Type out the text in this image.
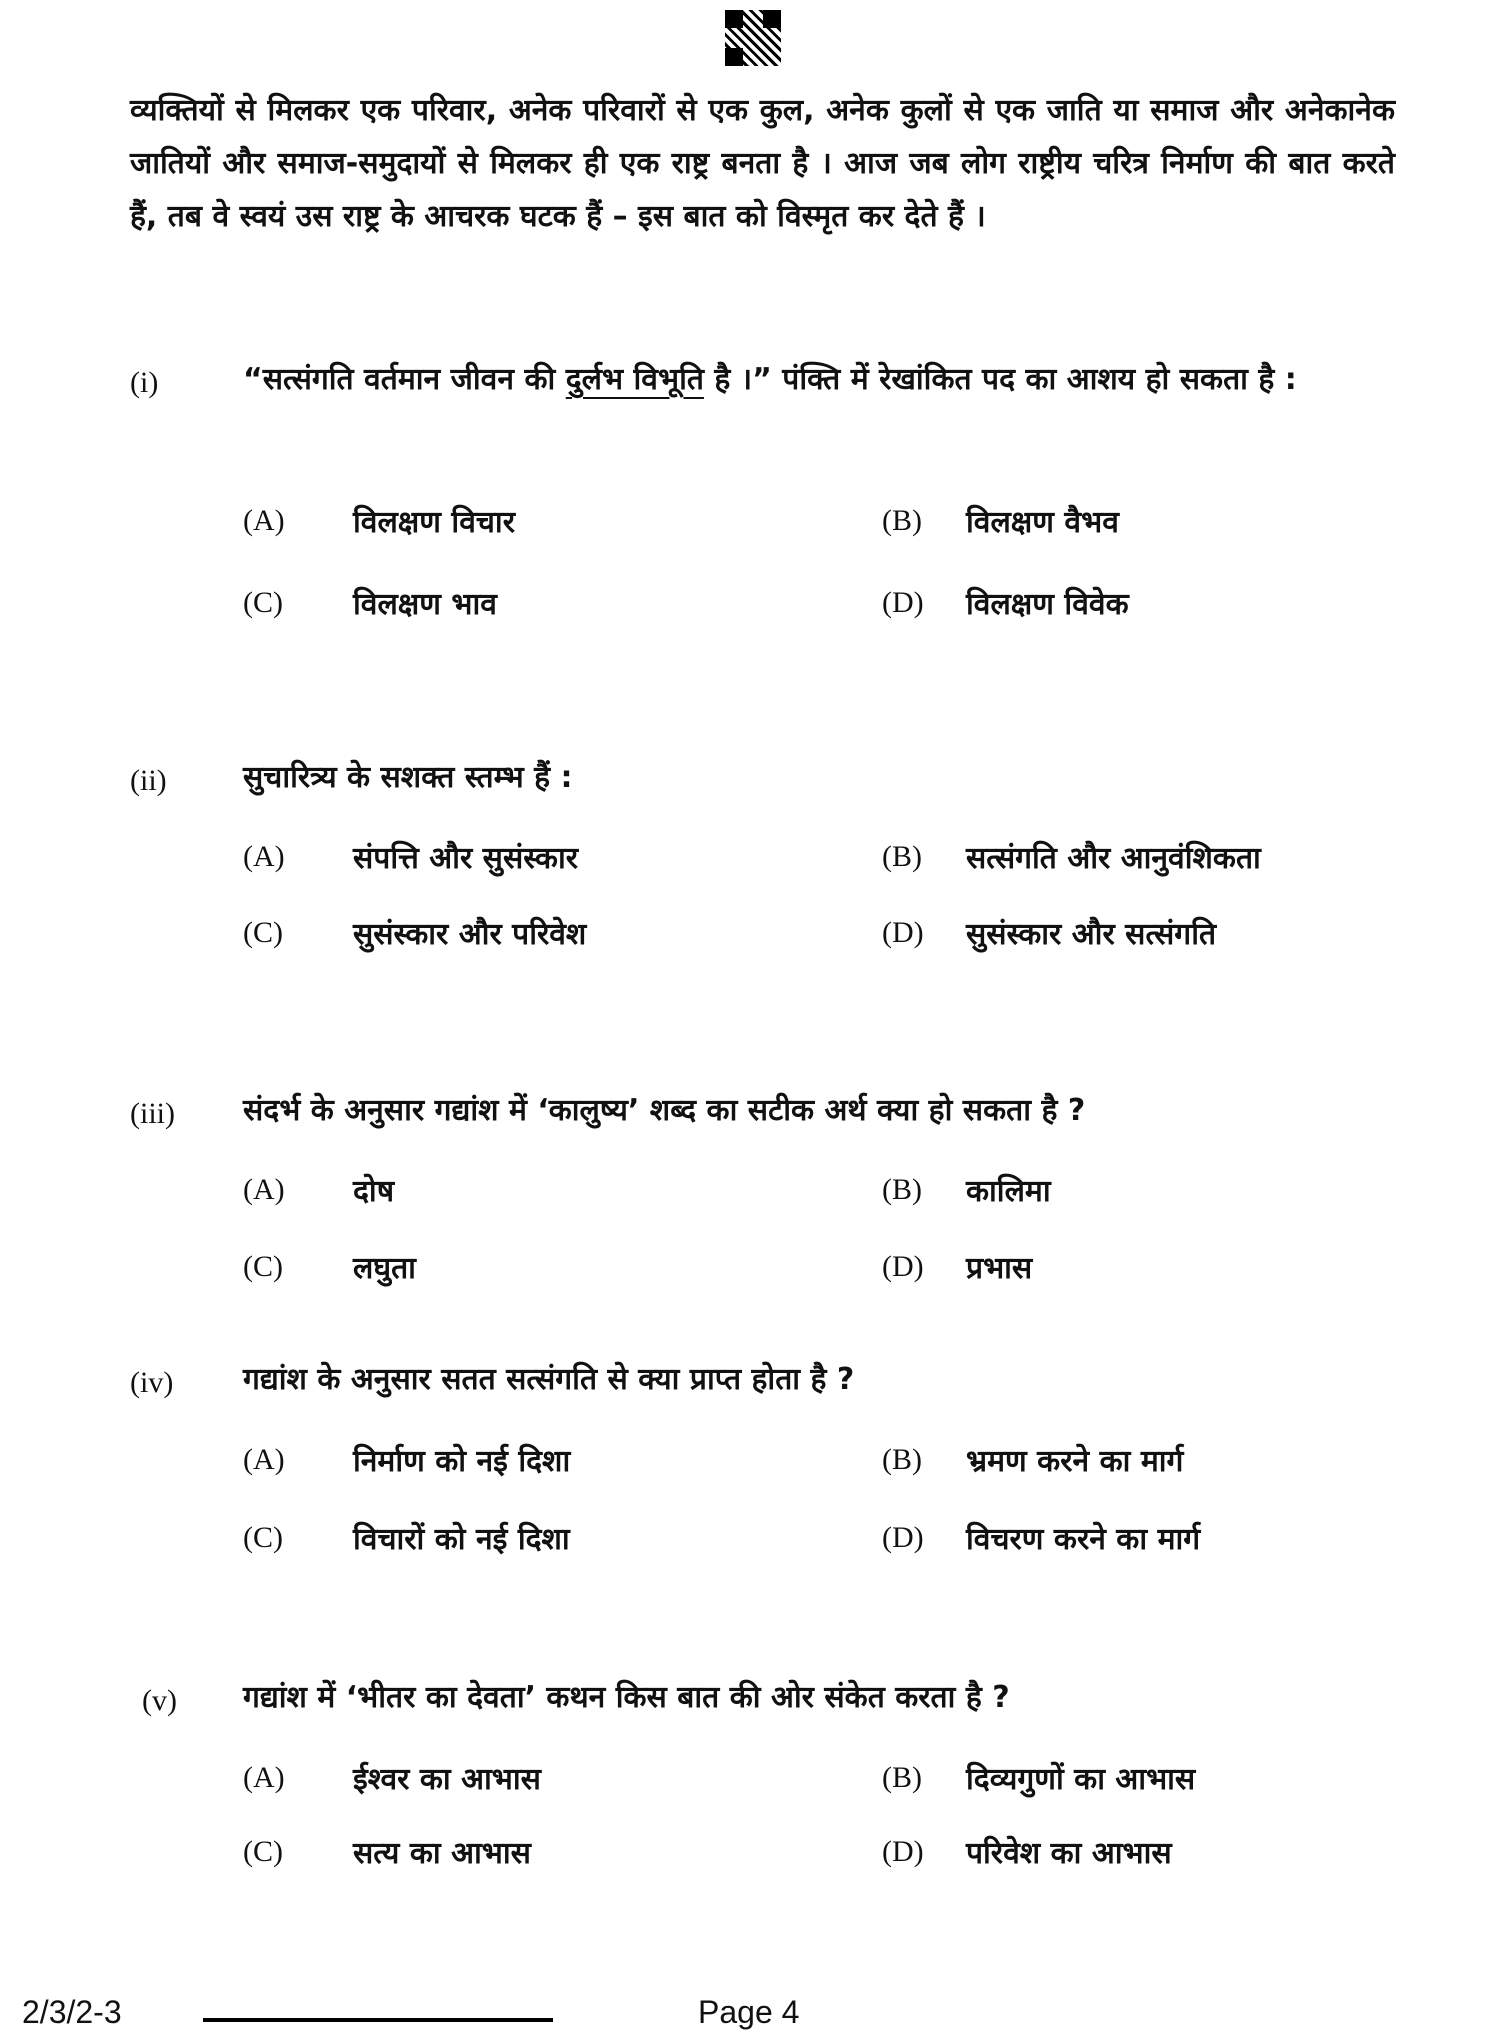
व्यक्तियों से मिलकर एक परिवार, अनेक परिवारों से एक कुल, अनेक कुलों से एक जाति या समाज और अनेकानेक जातियों और समाज-समुदायों से मिलकर ही एक राष्ट्र बनता है । आज जब लोग राष्ट्रीय चरित्र निर्माण की बात करते हैं, तब वे स्वयं उस राष्ट्र के आचरक घटक हैं – इस बात को विस्मृत कर देते हैं ।
(i)	“सत्संगति वर्तमान जीवन की दुर्लभ विभूति है ।” पंक्ति में रेखांकित पद का आशय हो सकता है :
(A) विलक्षण विचार	(B) विलक्षण वैभव
(C) विलक्षण भाव	(D) विलक्षण विवेक
(ii)	सुचारित्र्य के सशक्त स्तम्भ हैं :
(A) संपत्ति और सुसंस्कार	(B) सत्संगति और आनुवंशिकता
(C) सुसंस्कार और परिवेश	(D) सुसंस्कार और सत्संगति
(iii) संदर्भ के अनुसार गद्यांश में ‘कालुष्य’ शब्द का सटीक अर्थ क्या हो सकता है ?
(A) दोष	(B) कालिमा
(C) लघुता	(D) प्रभास
(iv) गद्यांश के अनुसार सतत सत्संगति से क्या प्राप्त होता है ?
(A) निर्माण को नई दिशा	(B) भ्रमण करने का मार्ग
(C) विचारों को नई दिशा	(D) विचरण करने का मार्ग
(v) गद्यांश में ‘भीतर का देवता’ कथन किस बात की ओर संकेत करता है ?
(A) ईश्वर का आभास	(B) दिव्यगुणों का आभास
(C) सत्य का आभास	(D) परिवेश का आभास
2/3/2-3	Page 4
